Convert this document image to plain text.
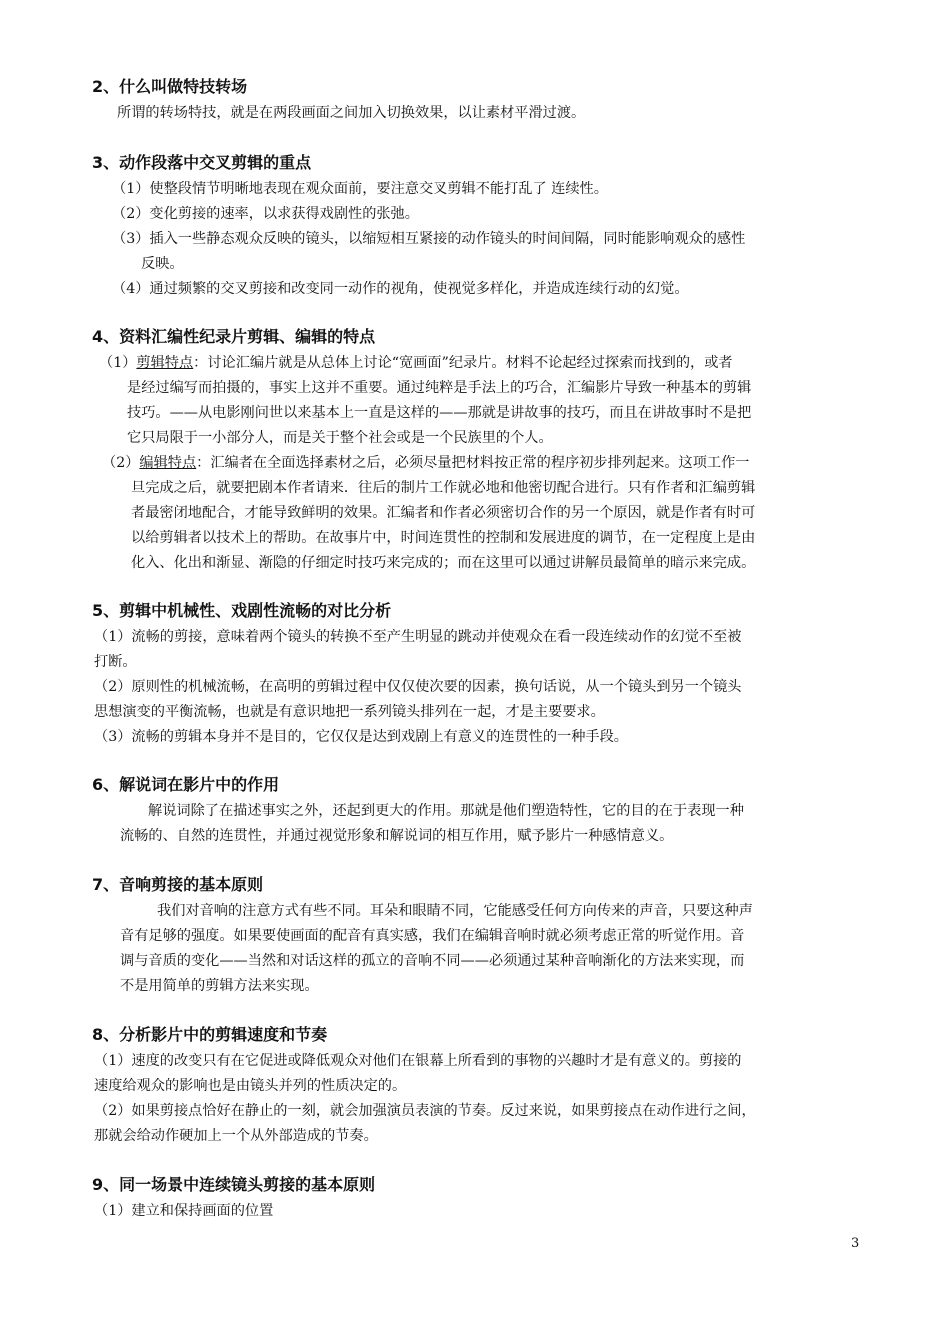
2、什么叫做特技转场

所谓的转场特技，就是在两段画面之间加入切换效果，以让素材平滑过渡。

3、动作段落中交叉剪辑的重点

（1）使整段情节明晰地表现在观众面前，要注意交叉剪辑不能打乱了 连续性。

（2）变化剪接的速率，以求获得戏剧性的张弛。

（3）插入一些静态观众反映的镜头，以缩短相互紧接的动作镜头的时间间隔，同时能影响观众的感性

反映。

（4）通过频繁的交叉剪接和改变同一动作的视角，使视觉多样化，并造成连续行动的幻觉。

4、资料汇编性纪录片剪辑、编辑的特点

（1）剪辑特点：讨论汇编片就是从总体上讨论“宽画面”纪录片。材料不论起经过探索而找到的，或者

是经过编写而拍摄的，事实上这并不重要。通过纯粹是手法上的巧合，汇编影片导致一种基本的剪辑

技巧。——从电影刚问世以来基本上一直是这样的——那就是讲故事的技巧，而且在讲故事时不是把

它只局限于一小部分人，而是关于整个社会或是一个民族里的个人。

（2）编辑特点：汇编者在全面选择素材之后，必须尽量把材料按正常的程序初步排列起来。这项工作一

旦完成之后，就要把剧本作者请来．往后的制片工作就必地和他密切配合进行。只有作者和汇编剪辑

者最密闭地配合，才能导致鲜明的效果。汇编者和作者必须密切合作的另一个原因，就是作者有时可

以给剪辑者以技术上的帮助。在故事片中，时间连贯性的控制和发展进度的调节，在一定程度上是由

化入、化出和渐显、渐隐的仔细定时技巧来完成的；而在这里可以通过讲解员最简单的暗示来完成。

5、剪辑中机械性、戏剧性流畅的对比分析

（1）流畅的剪接，意味着两个镜头的转换不至产生明显的跳动并使观众在看一段连续动作的幻觉不至被

打断。

（2）原则性的机械流畅，在高明的剪辑过程中仅仅使次要的因素，换句话说，从一个镜头到另一个镜头

思想演变的平衡流畅，也就是有意识地把一系列镜头排列在一起，才是主要要求。

（3）流畅的剪辑本身并不是目的，它仅仅是达到戏剧上有意义的连贯性的一种手段。

6、解说词在影片中的作用

解说词除了在描述事实之外，还起到更大的作用。那就是他们塑造特性，它的目的在于表现一种

流畅的、自然的连贯性，并通过视觉形象和解说词的相互作用，赋予影片一种感情意义。

7、音响剪接的基本原则

我们对音响的注意方式有些不同。耳朵和眼睛不同，它能感受任何方向传来的声音，只要这种声

音有足够的强度。如果要使画面的配音有真实感，我们在编辑音响时就必须考虑正常的听觉作用。音

调与音质的变化——当然和对话这样的孤立的音响不同——必须通过某种音响渐化的方法来实现，而

不是用简单的剪辑方法来实现。

8、分析影片中的剪辑速度和节奏

（1）速度的改变只有在它促进或降低观众对他们在银幕上所看到的事物的兴趣时才是有意义的。剪接的

速度给观众的影响也是由镜头并列的性质决定的。

（2）如果剪接点恰好在静止的一刻，就会加强演员表演的节奏。反过来说，如果剪接点在动作进行之间，

那就会给动作硬加上一个从外部造成的节奏。

9、同一场景中连续镜头剪接的基本原则

（1）建立和保持画面的位置

3
